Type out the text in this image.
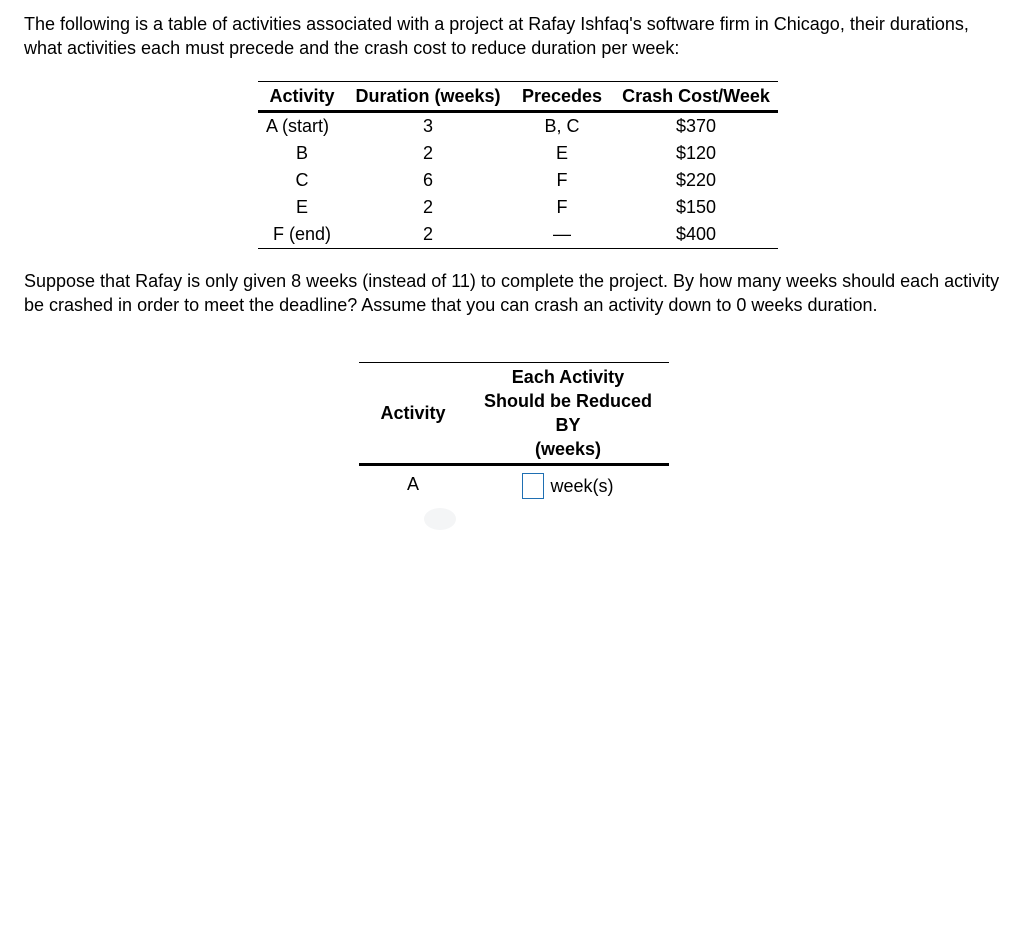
The following is a table of activities associated with a project at Rafay Ishfaq's software firm in Chicago, their durations, what activities each must precede and the crash cost to reduce duration per week:

Activity	Duration (weeks)	Precedes	Crash Cost/Week
A (start)	3	B, C	$370
B	2	E	$120
C	6	F	$220
E	2	F	$150
F (end)	2	—	$400

Suppose that Rafay is only given 8 weeks (instead of 11) to complete the project. By how many weeks should each activity be crashed in order to meet the deadline? Assume that you can crash an activity down to 0 weeks duration.

Activity	Each Activity
Should be Reduced
BY
(weeks)

A	week(s)
